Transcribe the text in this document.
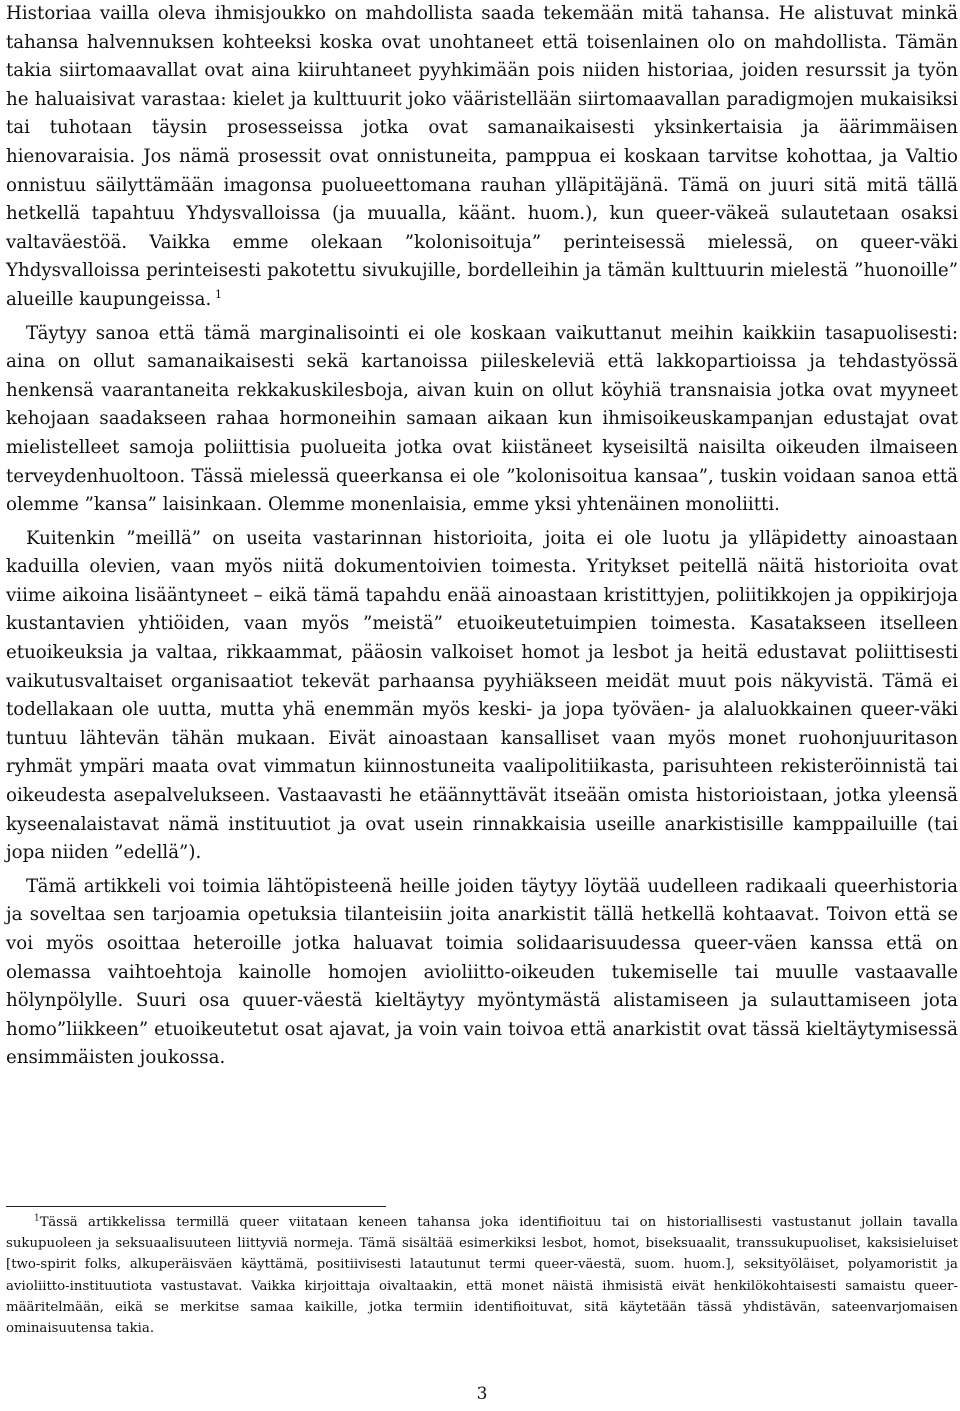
Historiaa vailla oleva ihmisjoukko on mahdollista saada tekemään mitä tahansa. He alistuvat minkä tahansa halvennuksen kohteeksi koska ovat unohtaneet että toisenlainen olo on mahdollista. Tämän takia siirtomaavallat ovat aina kiiruhtaneet pyyhkimään pois niiden historiaa, joiden resurssit ja työn he haluaisivat varastaa: kielet ja kulttuurit joko vääristellään siirtomaavallan paradigmojen mukaisiksi tai tuhotaan täysin prosesseissa jotka ovat samanaikaisesti yksinkertaisia ja äärimmäisen hienovaraisia. Jos nämä prosessit ovat onnistuneita, pamppua ei koskaan tarvitse kohottaa, ja Valtio onnistuu säilyttämään imagonsa puolueettomana rauhan ylläpitäjänä. Tämä on juuri sitä mitä tällä hetkellä tapahtuu Yhdysvalloissa (ja muualla, käänt. huom.), kun queer-väkeä sulautetaan osaksi valtaväestöä. Vaikka emme olekaan ”kolonisoituja” perinteisessä mielessä, on queer-väki Yhdysvalloissa perinteisesti pakotettu sivukujille, bordelleihin ja tämän kulttuurin mielestä ”huonoille” alueille kaupungeissa.  $^1$

Täytyy sanoa että tämä marginalisointi ei ole koskaan vaikuttanut meihin kaikkiin tasapuolisesti: aina on ollut samanaikaisesti sekä kartanoissa piileskeleviä että lakkopartioissa ja tehdastyössä henkensä vaarantaneita rekkakuskilesboja, aivan kuin on ollut köyhiä transnaisia jotka ovat myyneet kehojaan saadakseen rahaa hormoneihin samaan aikaan kun ihmisoikeuskampanjan edustajat ovat mielistelleet samoja poliittisia puolueita jotka ovat kiistäneet kyseisiltä naisilta oikeuden ilmaiseen terveydenhuoltoon. Tässä mielessä queerkansa ei ole ”kolonisoitua kansaa”, tuskin voidaan sanoa että olemme ”kansa” laisinkaan. Olemme monenlaisia, emme yksi yhtenäinen monoliitti.

Kuitenkin ”meillä” on useita vastarinnan historioita, joita ei ole luotu ja ylläpidetty ainoastaan kaduilla olevien, vaan myös niitä dokumentoivien toimesta. Yritykset peitellä näitä historioita ovat viime aikoina lisääntyneet – eikä tämä tapahdu enää ainoastaan kristittyjen, poliitikkojen ja oppikirjoja kustantavien yhtiöiden, vaan myös ”meistä” etuoikeutetuimpien toimesta. Kasatakseen itselleen etuoikeuksia ja valtaa, rikkaammat, pääosin valkoiset homot ja lesbot ja heitä edustavat poliittisesti vaikutusvaltaiset organisaatiot tekevät parhaansa pyyhiäkseen meidät muut pois näkyvistä. Tämä ei todellakaan ole uutta, mutta yhä enemmän myös keski- ja jopa työväen- ja alaluokkainen queer-väki tuntuu lähtevän tähän mukaan. Eivät ainoastaan kansalliset vaan myös monet ruohonjuuritason ryhmät ympäri maata ovat vimmatun kiinnostuneita vaalipolitiikasta, parisuhteen rekisteröinnistä tai oikeudesta asepalvelukseen. Vastaavasti he etäännyttävät itseään omista historioistaan, jotka yleensä kyseenalaistavat nämä instituutiot ja ovat usein rinnakkaisia useille anarkistisille kamppailuille (tai jopa niiden ”edellä”).

Tämä artikkeli voi toimia lähtöpisteenä heille joiden täytyy löytää uudelleen radikaali queerhistoria ja soveltaa sen tarjoamia opetuksia tilanteisiin joita anarkistit tällä hetkellä kohtaavat. Toivon että se voi myös osoittaa heteroille jotka haluavat toimia solidaarisuudessa queer-väen kanssa että on olemassa vaihtoehtoja kainolle homojen avioliitto-oikeuden tukemiselle tai muulle vastaavalle hölynpölylle. Suuri osa quuer-väestä kieltäytyy myöntymästä alistamiseen ja sulauttamiseen jota homo”liikkeen” etuoikeutetut osat ajavat, ja voin vain toivoa että anarkistit ovat tässä kieltäytymisessä ensimmäisten joukossa.

$^1$Tässä artikkelissa termillä queer viitataan keneen tahansa joka identifioituu tai on historiallisesti vastustanut jollain tavalla sukupuoleen ja seksuaalisuuteen liittyviä normeja. Tämä sisältää esimerkiksi lesbot, homot, biseksuaalit, transsukupuoliset, kaksisieluiset [two-spirit folks, alkuperäisväen käyttämä, positiivisesti latautunut termi queer-väestä, suom. huom.], seksityöläiset, polyamoristit ja avioliitto-instituutiota vastustavat. Vaikka kirjoittaja oivaltaakin, että monet näistä ihmisistä eivät henkilökohtaisesti samaistu queer-määritelmään, eikä se merkitse samaa kaikille, jotka termiin identifioituvat, sitä käytetään tässä yhdistävän, sateenvarjomaisen ominaisuutensa takia.

3
